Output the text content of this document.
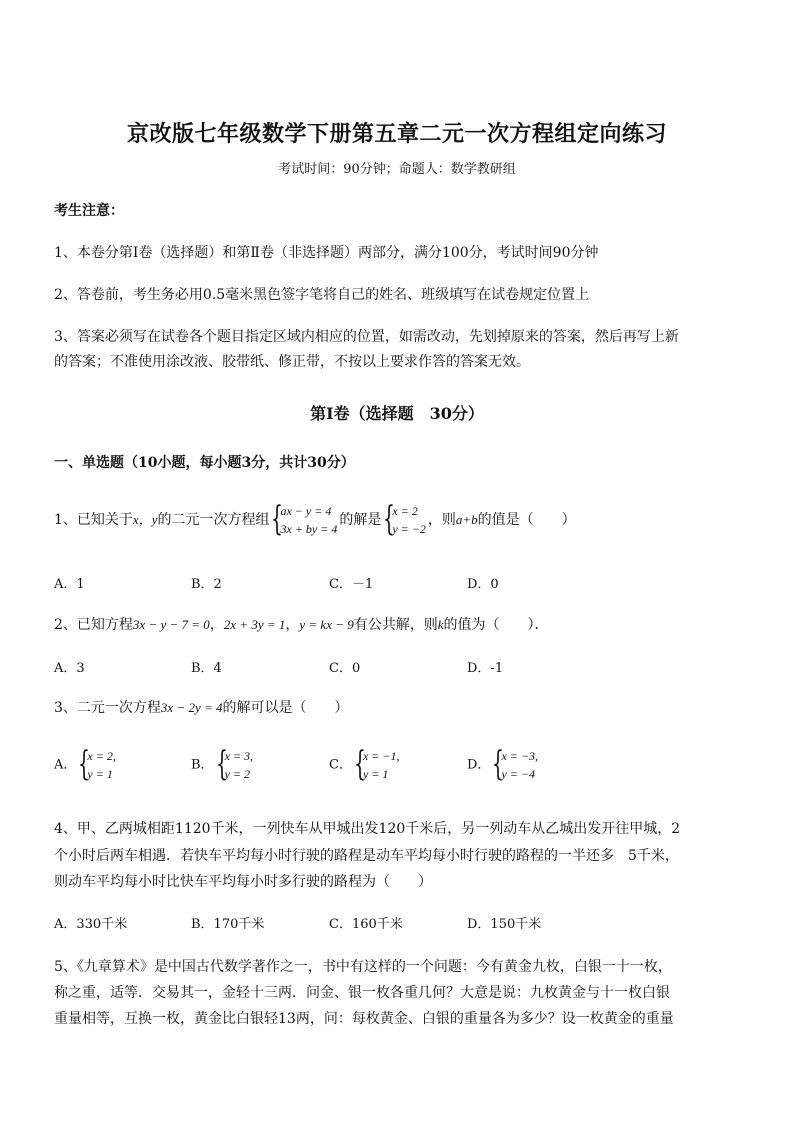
京改版七年级数学下册第五章二元一次方程组定向练习
考试时间：90分钟；命题人：数学教研组
考生注意：
1、本卷分第Ⅰ卷（选择题）和第Ⅱ卷（非选择题）两部分，满分100分，考试时间90分钟
2、答卷前，考生务必用0.5毫米黑色签字笔将自己的姓名、班级填写在试卷规定位置上
3、答案必须写在试卷各个题目指定区域内相应的位置，如需改动，先划掉原来的答案，然后再写上新
的答案；不准使用涂改液、胶带纸、修正带，不按以上要求作答的答案无效。
第Ⅰ卷（选择题　30分）
一、单选题（10小题，每小题3分，共计30分）
1、已知关于x，y的二元一次方程组 {
ax − y = 4
3x + by = 4
的解是 {
x = 2
y = −2
，则a+b的值是（　　）
A．1	B．2	C．－1	D．0
2、已知方程3x − y − 7 = 0，2x + 3y = 1，y = kx − 9有公共解，则k的值为（　　）．
A．3	B．4	C．0	D．-1
3、二元一次方程3x − 2y = 4的解可以是（　　）
A． {
x = 2,
y = 1
B． {
x = 3,
y = 2
C． {
x = −1,
y = 1
D． {
x = −3,
y = −4
4、甲、乙两城相距1120千米，一列快车从甲城出发120千米后，另一列动车从乙城出发开往甲城，2
个小时后两车相遇．若快车平均每小时行驶的路程是动车平均每小时行驶的路程的一半还多　5千米，
则动车平均每小时比快车平均每小时多行驶的路程为（　　）
A．330千米	B．170千米	C．160千米	D．150千米
5、《九章算术》是中国古代数学著作之一，书中有这样的一个问题：今有黄金九枚，白银一十一枚，
称之重，适等．交易其一，金轻十三两．问金、银一枚各重几何？大意是说：九枚黄金与十一枚白银
重量相等，互换一枚，黄金比白银轻13两，问：每枚黄金、白银的重量各为多少？设一枚黄金的重量
